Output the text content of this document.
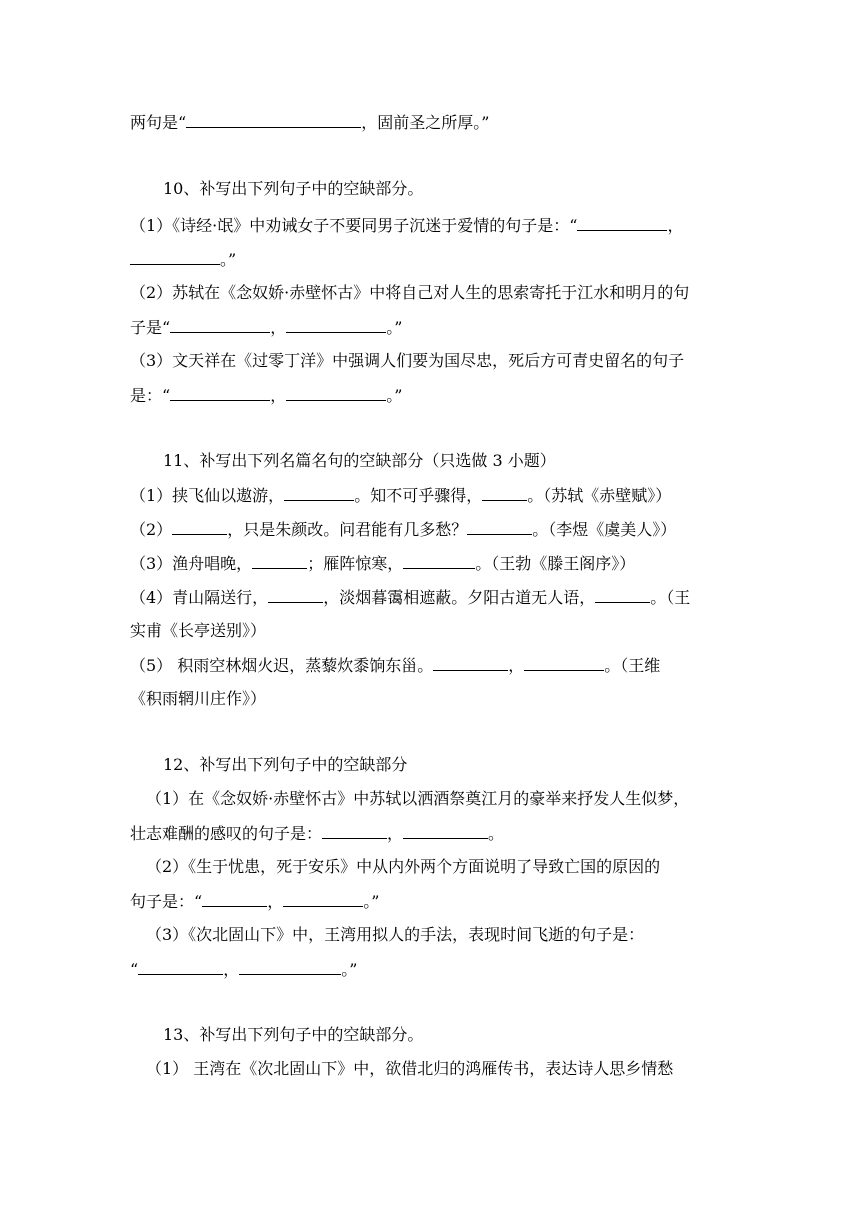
两句是“	，固前圣之所厚。”
10、补写出下列句子中的空缺部分。
（1）《诗经·氓》中劝诫女子不要同男子沉迷于爱情的句子是：“	，
。”
（2）苏轼在《念奴娇·赤壁怀古》中将自己对人生的思索寄托于江水和明月的句
子是“	，	。”
（3）文天祥在《过零丁洋》中强调人们要为国尽忠，死后方可青史留名的句子
是：“	，	。”
11、补写出下列名篇名句的空缺部分（只选做 3 小题）
（1）挟飞仙以遨游，	。知不可乎骤得，	。（苏轼《赤壁赋》）
（2）	，只是朱颜改。问君能有几多愁？	。（李煜《虞美人》）
（3）渔舟唱晚，	；雁阵惊寒，	。（王勃《滕王阁序》）
（4）青山隔送行，	，淡烟暮霭相遮蔽。夕阳古道无人语，	。（王
实甫《长亭送别》）
（5） 积雨空林烟火迟，蒸藜炊黍饷东甾。	，	。（王维
《积雨辋川庄作》）
12、补写出下列句子中的空缺部分
（1）在《念奴娇·赤壁怀古》中苏轼以洒酒祭奠江月的豪举来抒发人生似梦，
壮志难酬的感叹的句子是：	，	。
（2）《生于忧患，死于安乐》中从内外两个方面说明了导致亡国的原因的
句子是：“	，	。”
（3）《次北固山下》中，王湾用拟人的手法，表现时间飞逝的句子是：
“	，	。”
13、补写出下列句子中的空缺部分。
（1） 王湾在《次北固山下》中，欲借北归的鸿雁传书，表达诗人思乡情愁
